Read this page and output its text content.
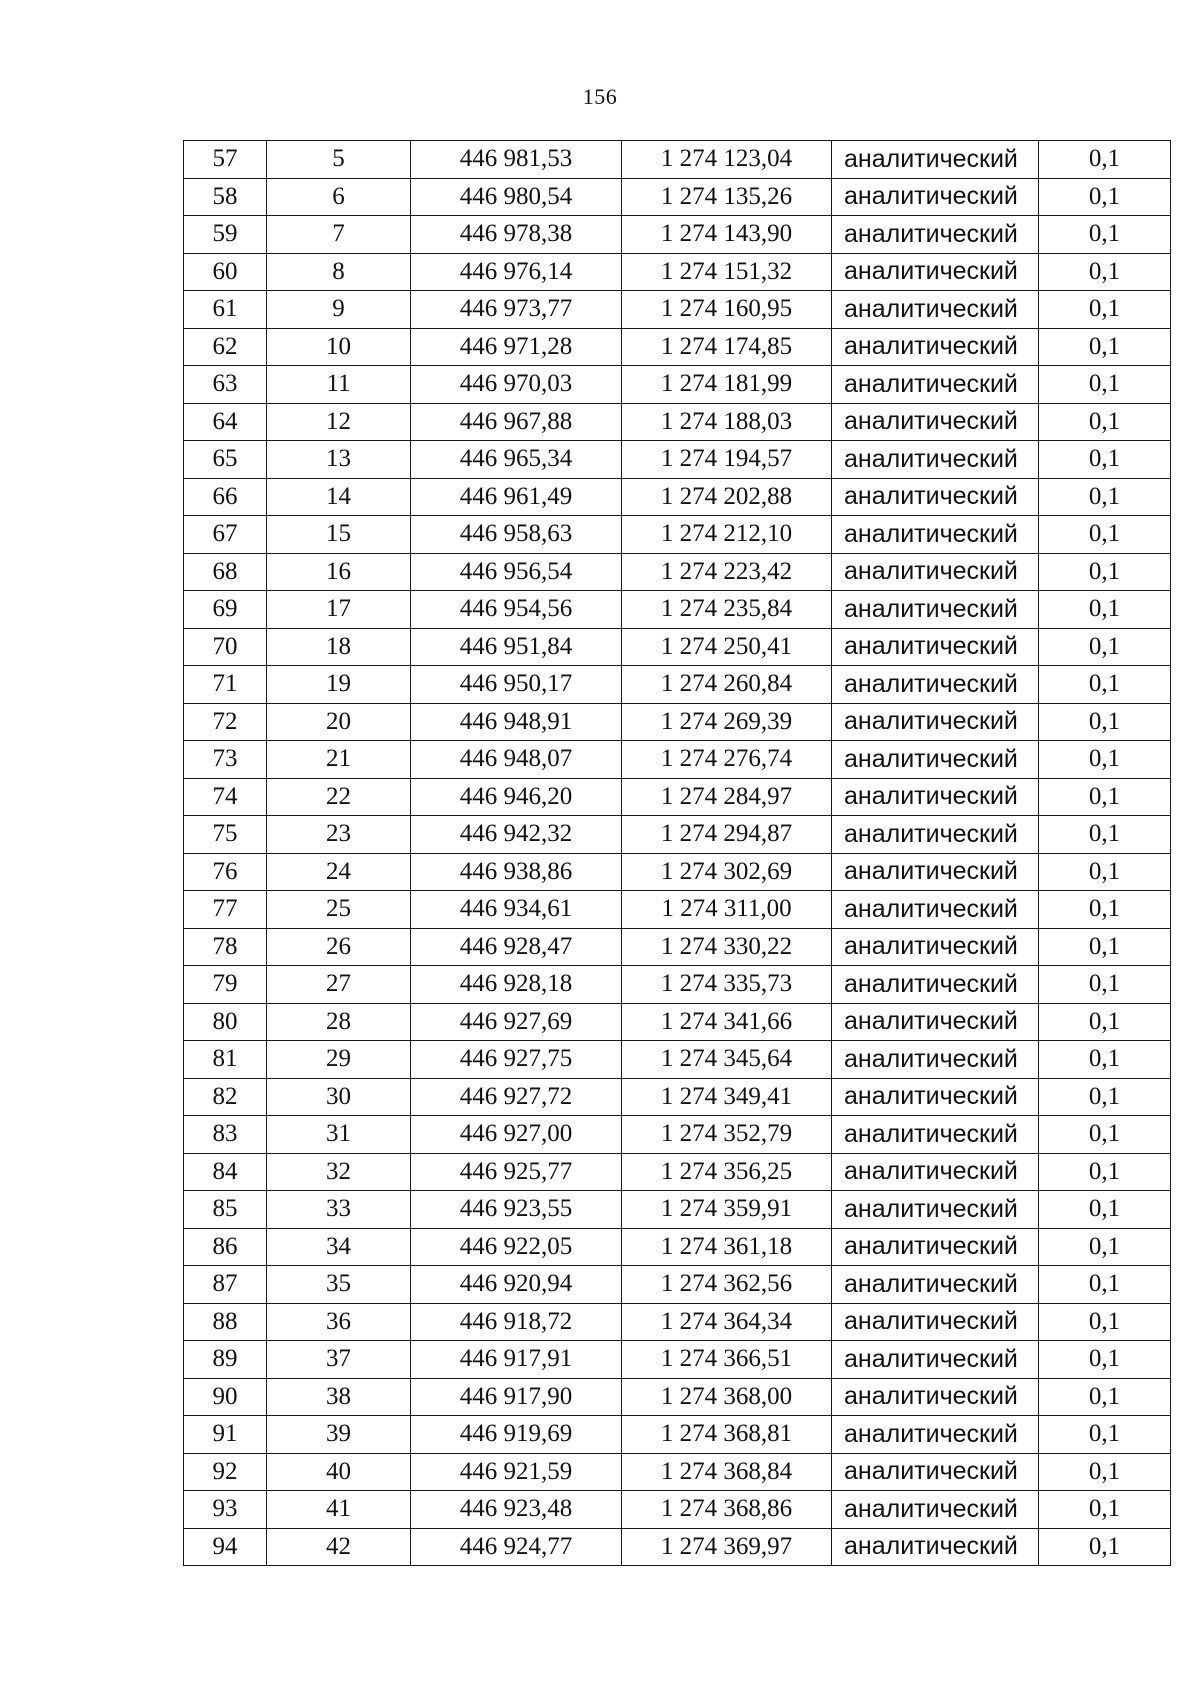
156
57	5	446 981,53	1 274 123,04	аналитический	0,1
58	6	446 980,54	1 274 135,26	аналитический	0,1
59	7	446 978,38	1 274 143,90	аналитический	0,1
60	8	446 976,14	1 274 151,32	аналитический	0,1
61	9	446 973,77	1 274 160,95	аналитический	0,1
62	10	446 971,28	1 274 174,85	аналитический	0,1
63	11	446 970,03	1 274 181,99	аналитический	0,1
64	12	446 967,88	1 274 188,03	аналитический	0,1
65	13	446 965,34	1 274 194,57	аналитический	0,1
66	14	446 961,49	1 274 202,88	аналитический	0,1
67	15	446 958,63	1 274 212,10	аналитический	0,1
68	16	446 956,54	1 274 223,42	аналитический	0,1
69	17	446 954,56	1 274 235,84	аналитический	0,1
70	18	446 951,84	1 274 250,41	аналитический	0,1
71	19	446 950,17	1 274 260,84	аналитический	0,1
72	20	446 948,91	1 274 269,39	аналитический	0,1
73	21	446 948,07	1 274 276,74	аналитический	0,1
74	22	446 946,20	1 274 284,97	аналитический	0,1
75	23	446 942,32	1 274 294,87	аналитический	0,1
76	24	446 938,86	1 274 302,69	аналитический	0,1
77	25	446 934,61	1 274 311,00	аналитический	0,1
78	26	446 928,47	1 274 330,22	аналитический	0,1
79	27	446 928,18	1 274 335,73	аналитический	0,1
80	28	446 927,69	1 274 341,66	аналитический	0,1
81	29	446 927,75	1 274 345,64	аналитический	0,1
82	30	446 927,72	1 274 349,41	аналитический	0,1
83	31	446 927,00	1 274 352,79	аналитический	0,1
84	32	446 925,77	1 274 356,25	аналитический	0,1
85	33	446 923,55	1 274 359,91	аналитический	0,1
86	34	446 922,05	1 274 361,18	аналитический	0,1
87	35	446 920,94	1 274 362,56	аналитический	0,1
88	36	446 918,72	1 274 364,34	аналитический	0,1
89	37	446 917,91	1 274 366,51	аналитический	0,1
90	38	446 917,90	1 274 368,00	аналитический	0,1
91	39	446 919,69	1 274 368,81	аналитический	0,1
92	40	446 921,59	1 274 368,84	аналитический	0,1
93	41	446 923,48	1 274 368,86	аналитический	0,1
94	42	446 924,77	1 274 369,97	аналитический	0,1
